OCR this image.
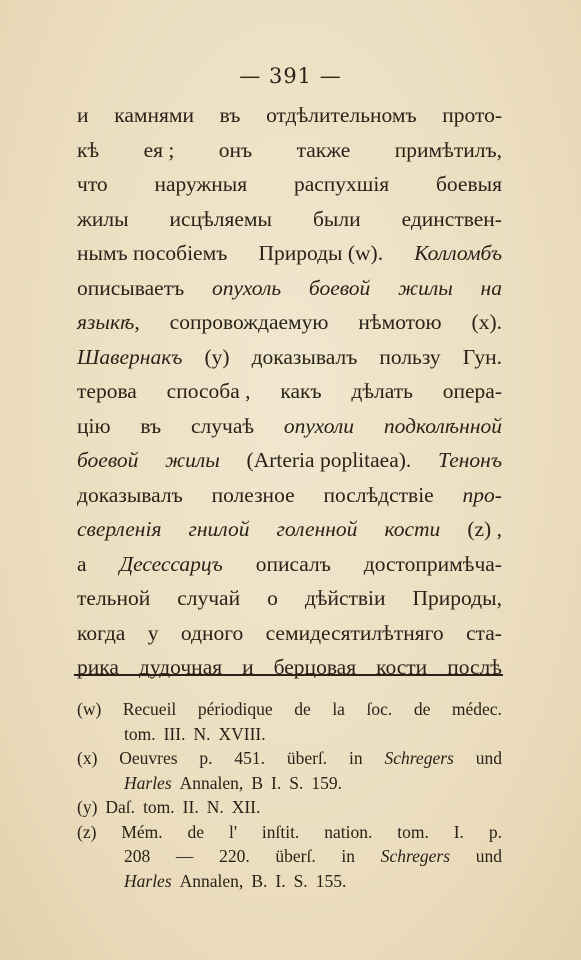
— 391 —
и камнями въ отдѣлительномъ прото-
кѣ ея ; онъ также примѣтилъ,
что наружныя распухшія боевыя
жилы исцѣляемы были единствен-
нымъ пособіемъ Природы (w). Колломбъ
описываетъ опухоль боевой жилы на
языкѣ, сопровождаемую нѣмотою (x).
Шавернакъ (y) доказывалъ пользу Гун.
терова способа , какъ дѣлать опера-
цію въ случаѣ опухоли подколѣнной
боевой жилы (Arteria poplitaea). Тенонъ
доказывалъ полезное послѣдствіе про-
сверленія гнилой голенной кости (z) ,
а Десессарцъ описалъ достопримѣча-
тельной случай о дѣйствіи Природы,
когда у одного семидесятилѣтняго ста-
рика дудочная и берцовая кости послѣ
(w) Recueil périodique de la ſoc. de médec.
tom. III. N. XVIII.
(x) Oeuvres p. 451. überſ. in Schregers und
Harles Annalen, B I. S. 159.
(y) Daſ. tom. II. N. XII.
(z) Mém. de l' inſtit. nation. tom. I. p.
208 — 220. überſ. in Schregers und
Harles Annalen, B. I. S. 155.
